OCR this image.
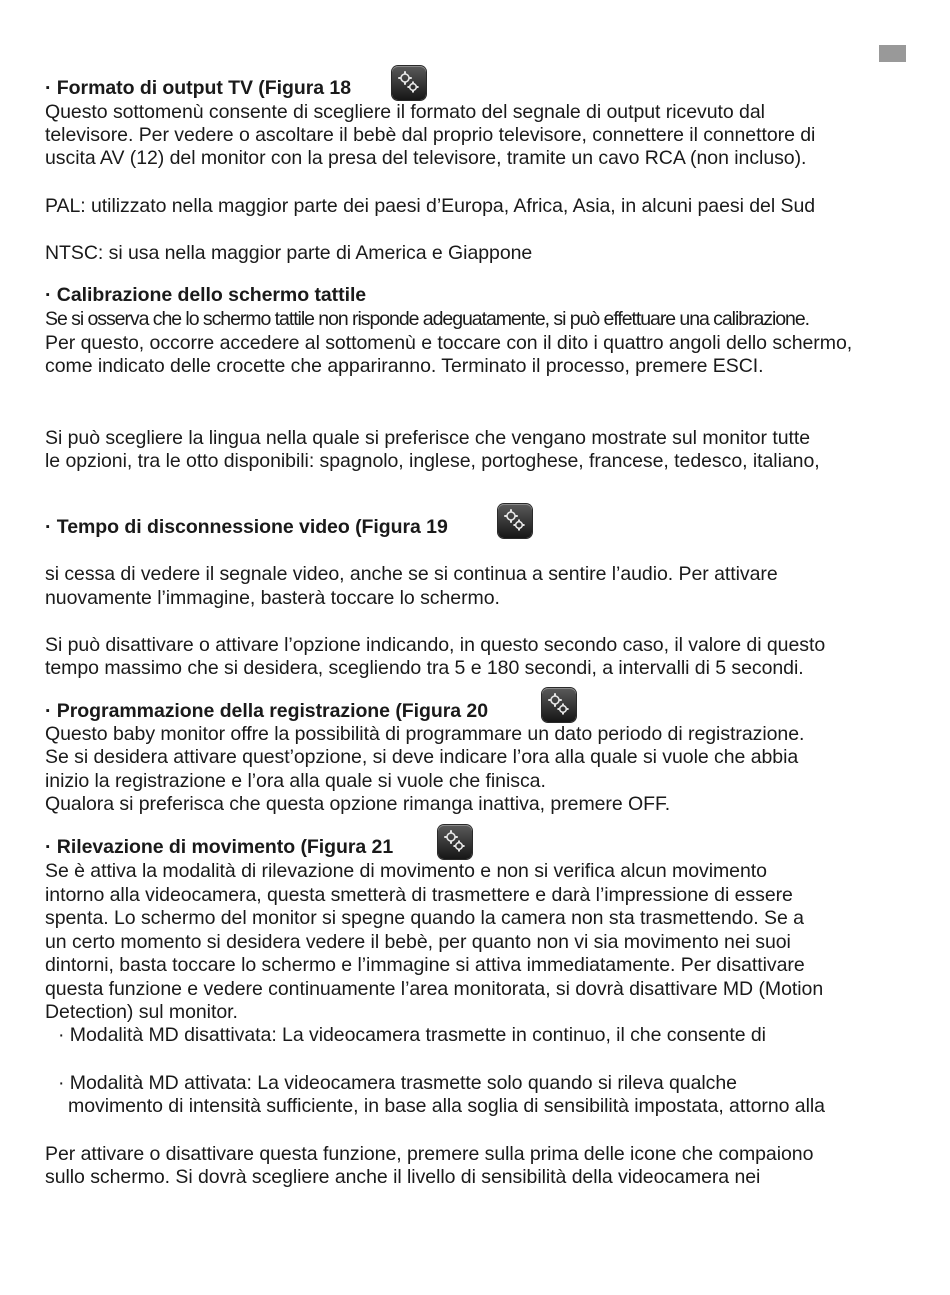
· Formato di output TV (Figura 18

Questo sottomenù consente di scegliere il formato del segnale di output ricevuto dal

televisore. Per vedere o ascoltare il bebè dal proprio televisore, connettere il connettore di

uscita AV (12) del monitor con la presa del televisore, tramite un cavo RCA (non incluso).

PAL: utilizzato nella maggior parte dei paesi d’Europa, Africa, Asia, in alcuni paesi del Sud

NTSC: si usa nella maggior parte di America e Giappone

· Calibrazione dello schermo tattile

Se si osserva che lo schermo tattile non risponde adeguatamente, si può effettuare una calibrazione.

Per questo, occorre accedere al sottomenù e toccare con il dito i quattro angoli dello schermo,

come indicato delle crocette che appariranno. Terminato il processo, premere ESCI.

Si può scegliere la lingua nella quale si preferisce che vengano mostrate sul monitor tutte

le opzioni, tra le otto disponibili: spagnolo, inglese, portoghese, francese, tedesco, italiano,

· Tempo di disconnessione video (Figura 19

si cessa di vedere il segnale video, anche se si continua a sentire l’audio. Per attivare

nuovamente l’immagine, basterà toccare lo schermo.

Si può disattivare o attivare l’opzione indicando, in questo secondo caso, il valore di questo

tempo massimo che si desidera, scegliendo tra 5 e 180 secondi, a intervalli di 5 secondi.

· Programmazione della registrazione (Figura 20

Questo baby monitor offre la possibilità di programmare un dato periodo di registrazione.

Se si desidera attivare quest’opzione, si deve indicare l’ora alla quale si vuole che abbia

inizio la registrazione e l’ora alla quale si vuole che finisca.

Qualora si preferisca che questa opzione rimanga inattiva, premere OFF.

· Rilevazione di movimento (Figura 21

Se è attiva la modalità di rilevazione di movimento e non si verifica alcun movimento

intorno alla videocamera, questa smetterà di trasmettere e darà l’impressione di essere

spenta. Lo schermo del monitor si spegne quando la camera non sta trasmettendo. Se a

un certo momento si desidera vedere il bebè, per quanto non vi sia movimento nei suoi

dintorni, basta toccare lo schermo e l’immagine si attiva immediatamente. Per disattivare

questa funzione e vedere continuamente l’area monitorata, si dovrà disattivare MD (Motion

Detection) sul monitor.

· Modalità MD disattivata: La videocamera trasmette in continuo, il che consente di

· Modalità MD attivata: La videocamera trasmette solo quando si rileva qualche

movimento di intensità sufficiente, in base alla soglia di sensibilità impostata, attorno alla

Per attivare o disattivare questa funzione, premere sulla prima delle icone che compaiono

sullo schermo. Si dovrà scegliere anche il livello di sensibilità della videocamera nei
